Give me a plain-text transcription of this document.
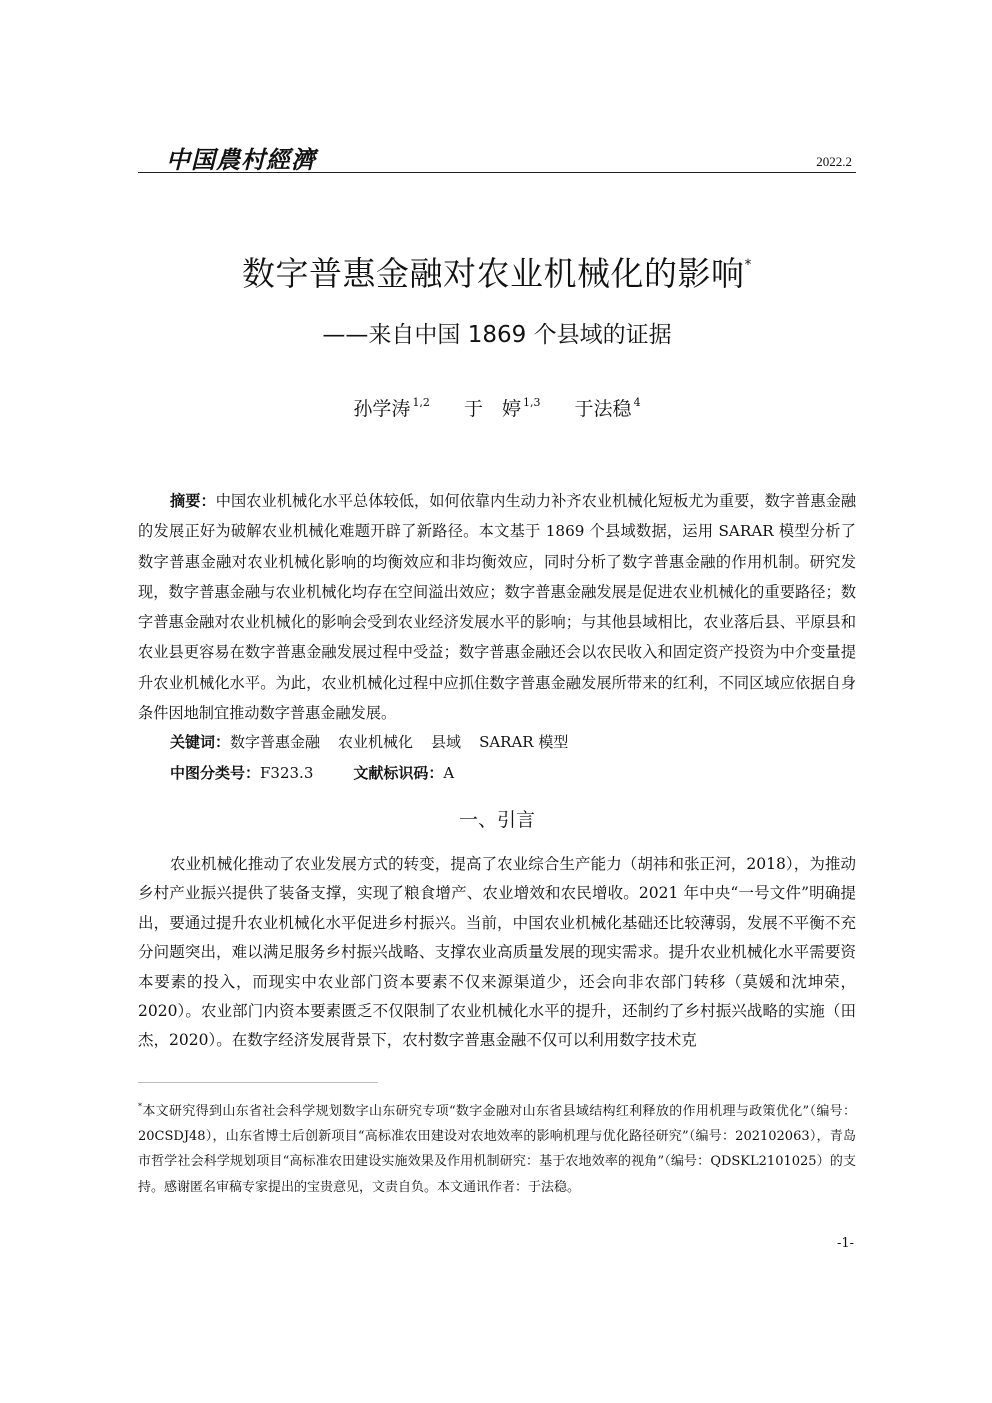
中国農村經濟	2022.2
数字普惠金融对农业机械化的影响*
——来自中国 1869 个县域的证据
孙学涛 $^{1,2}$ 于　婷 $^{1,3}$ 于法稳 $^4$
摘要：中国农业机械化水平总体较低，如何依靠内生动力补齐农业机械化短板尤为重要，数字普惠金融的发展正好为破解农业机械化难题开辟了新路径。本文基于 1869 个县域数据，运用 SARAR 模型分析了数字普惠金融对农业机械化影响的均衡效应和非均衡效应，同时分析了数字普惠金融的作用机制。研究发现，数字普惠金融与农业机械化均存在空间溢出效应；数字普惠金融发展是促进农业机械化的重要路径；数字普惠金融对农业机械化的影响会受到农业经济发展水平的影响；与其他县域相比，农业落后县、平原县和农业县更容易在数字普惠金融发展过程中受益；数字普惠金融还会以农民收入和固定资产投资为中介变量提升农业机械化水平。为此，农业机械化过程中应抓住数字普惠金融发展所带来的红利，不同区域应依据自身条件因地制宜推动数字普惠金融发展。
关键词：数字普惠金融 农业机械化 县域 SARAR 模型
中图分类号：F323.3	文献标识码：A
一、引言
农业机械化推动了农业发展方式的转变，提高了农业综合生产能力（胡祎和张正河，2018），为推动乡村产业振兴提供了装备支撑，实现了粮食增产、农业增效和农民增收。2021 年中央“一号文件”明确提出，要通过提升农业机械化水平促进乡村振兴。当前，中国农业机械化基础还比较薄弱，发展不平衡不充分问题突出，难以满足服务乡村振兴战略、支撑农业高质量发展的现实需求。提升农业机械化水平需要资本要素的投入，而现实中农业部门资本要素不仅来源渠道少，还会向非农部门转移（莫媛和沈坤荣，2020）。农业部门内资本要素匮乏不仅限制了农业机械化水平的提升，还制约了乡村振兴战略的实施（田杰，2020）。在数字经济发展背景下，农村数字普惠金融不仅可以利用数字技术克
*本文研究得到山东省社会科学规划数字山东研究专项“数字金融对山东省县域结构红利释放的作用机理与政策优化”（编号：20CSDJ48），山东省博士后创新项目“高标准农田建设对农地效率的影响机理与优化路径研究”（编号：202102063），青岛市哲学社会科学规划项目“高标准农田建设实施效果及作用机制研究：基于农地效率的视角”（编号：QDSKL2101025）的支持。感谢匿名审稿专家提出的宝贵意见，文责自负。本文通讯作者：于法稳。
-1-
